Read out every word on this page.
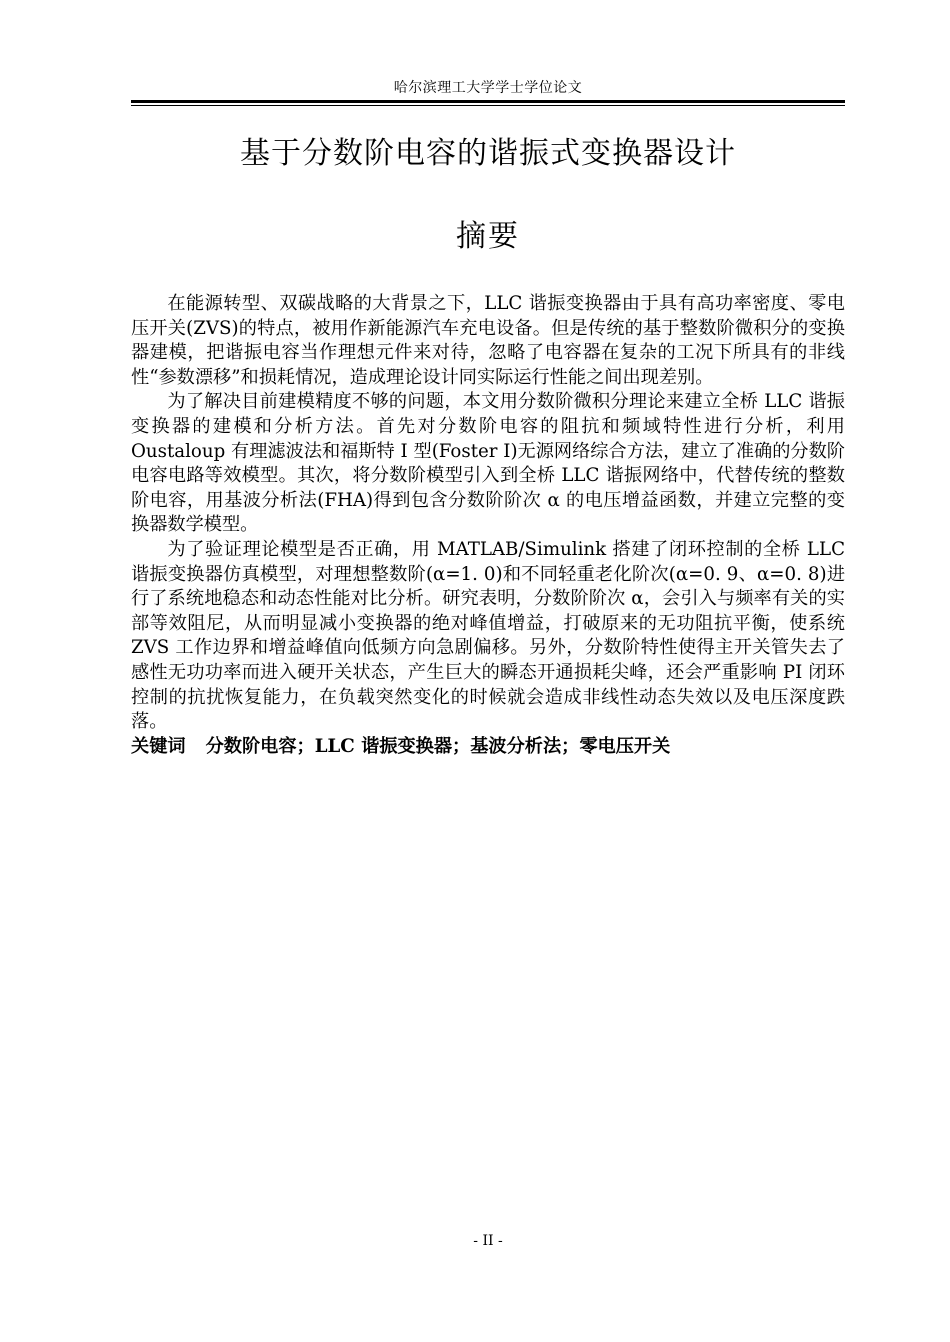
哈尔滨理工大学学士学位论文
基于分数阶电容的谐振式变换器设计
摘要

在能源转型、双碳战略的大背景之下，LLC 谐振变换器由于具有高功率密度、零电压开关(ZVS)的特点，被用作新能源汽车充电设备。但是传统的基于整数阶微积分的变换器建模，把谐振电容当作理想元件来对待，忽略了电容器在复杂的工况下所具有的非线性“参数漂移”和损耗情况，造成理论设计同实际运行性能之间出现差别。

为了解决目前建模精度不够的问题，本文用分数阶微积分理论来建立全桥 LLC 谐振变换器的建模和分析方法。首先对分数阶电容的阻抗和频域特性进行分析，利用 Oustaloup 有理滤波法和福斯特 I 型(Foster I)无源网络综合方法，建立了准确的分数阶电容电路等效模型。其次，将分数阶模型引入到全桥 LLC 谐振网络中，代替传统的整数阶电容，用基波分析法(FHA)得到包含分数阶阶次 α 的电压增益函数，并建立完整的变换器数学模型。

为了验证理论模型是否正确，用 MATLAB/Simulink 搭建了闭环控制的全桥 LLC 谐振变换器仿真模型，对理想整数阶(α=1. 0)和不同轻重老化阶次(α=0. 9、α=0. 8)进行了系统地稳态和动态性能对比分析。研究表明，分数阶阶次 α，会引入与频率有关的实部等效阻尼，从而明显减小变换器的绝对峰值增益，打破原来的无功阻抗平衡，使系统 ZVS 工作边界和增益峰值向低频方向急剧偏移。另外，分数阶特性使得主开关管失去了感性无功功率而进入硬开关状态，产生巨大的瞬态开通损耗尖峰，还会严重影响 PI 闭环控制的抗扰恢复能力，在负载突然变化的时候就会造成非线性动态失效以及电压深度跌落。

关键词 分数阶电容；LLC 谐振变换器；基波分析法；零电压开关

- II -
